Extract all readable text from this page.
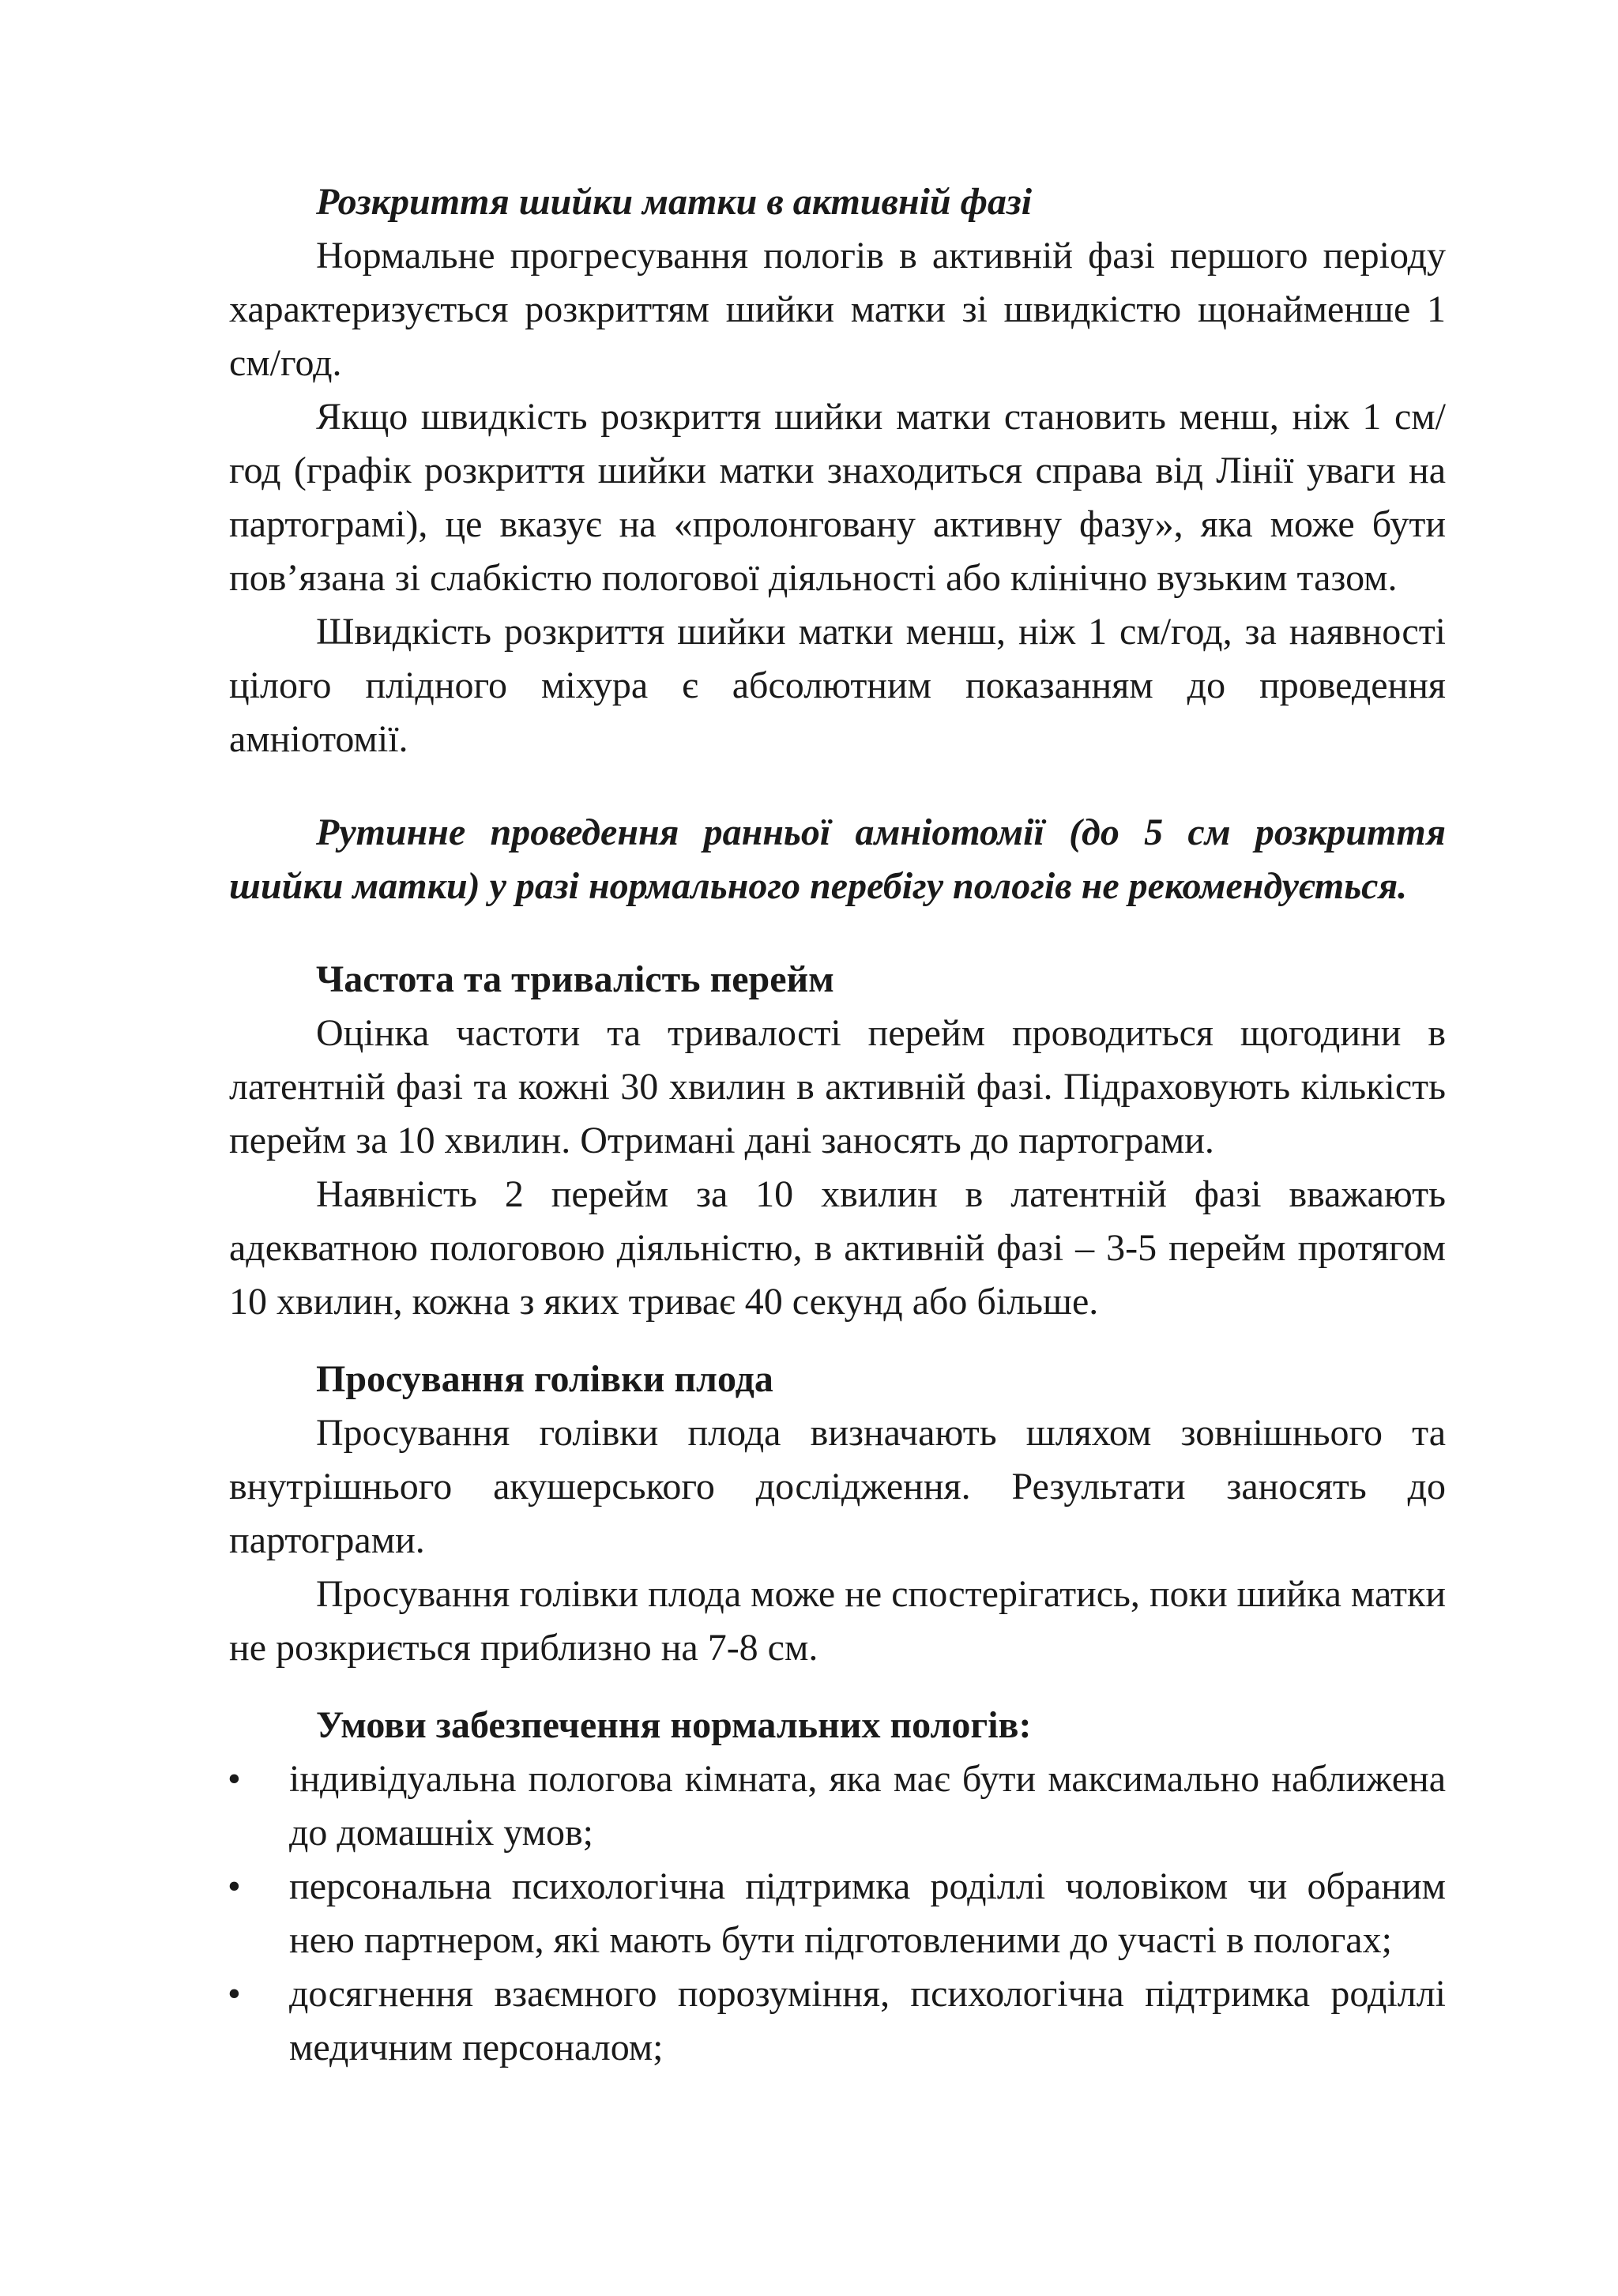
Розкриття шийки матки в активній фазі

Нормальне прогресування пологів в активній фазі першого періоду характеризується розкриттям шийки матки зі швидкістю щонайменше 1 см/год.

Якщо швидкість розкриття шийки матки становить менш, ніж 1 см/год (графік розкриття шийки матки знаходиться справа від Лінії уваги на партограмі), це вказує на «пролонговану активну фазу», яка може бути пов’язана зі слабкістю пологової діяльності або клінічно вузьким тазом.

Швидкість розкриття шийки матки менш, ніж 1 см/год, за наявності цілого плідного міхура є абсолютним показанням до проведення амніотомії.

Рутинне проведення ранньої амніотомії (до 5 см розкриття шийки матки) у разі нормального перебігу пологів не рекомендується.

Частота та тривалість перейм

Оцінка частоти та тривалості перейм проводиться щогодини в латентній фазі та кожні 30 хвилин в активній фазі. Підраховують кількість перейм за 10 хвилин. Отримані дані заносять до партограми.

Наявність 2 перейм за 10 хвилин в латентній фазі вважають адекватною пологовою діяльністю, в активній фазі – 3-5 перейм протягом 10 хвилин, кожна з яких триває 40 секунд або більше.

Просування голівки плода

Просування голівки плода визначають шляхом зовнішнього та внутрішнього акушерського дослідження. Результати заносять до партограми.

Просування голівки плода може не спостерігатись, поки шийка матки не розкриється приблизно на 7-8 см.

Умови забезпечення нормальних пологів:

•	індивідуальна пологова кімната, яка має бути максимально наближена до домашніх умов;
•	персональна психологічна підтримка роділлі чоловіком чи обраним нею партнером, які мають бути підготовленими до участі в пологах;
•	досягнення взаємного порозуміння, психологічна підтримка роділлі медичним персоналом;
